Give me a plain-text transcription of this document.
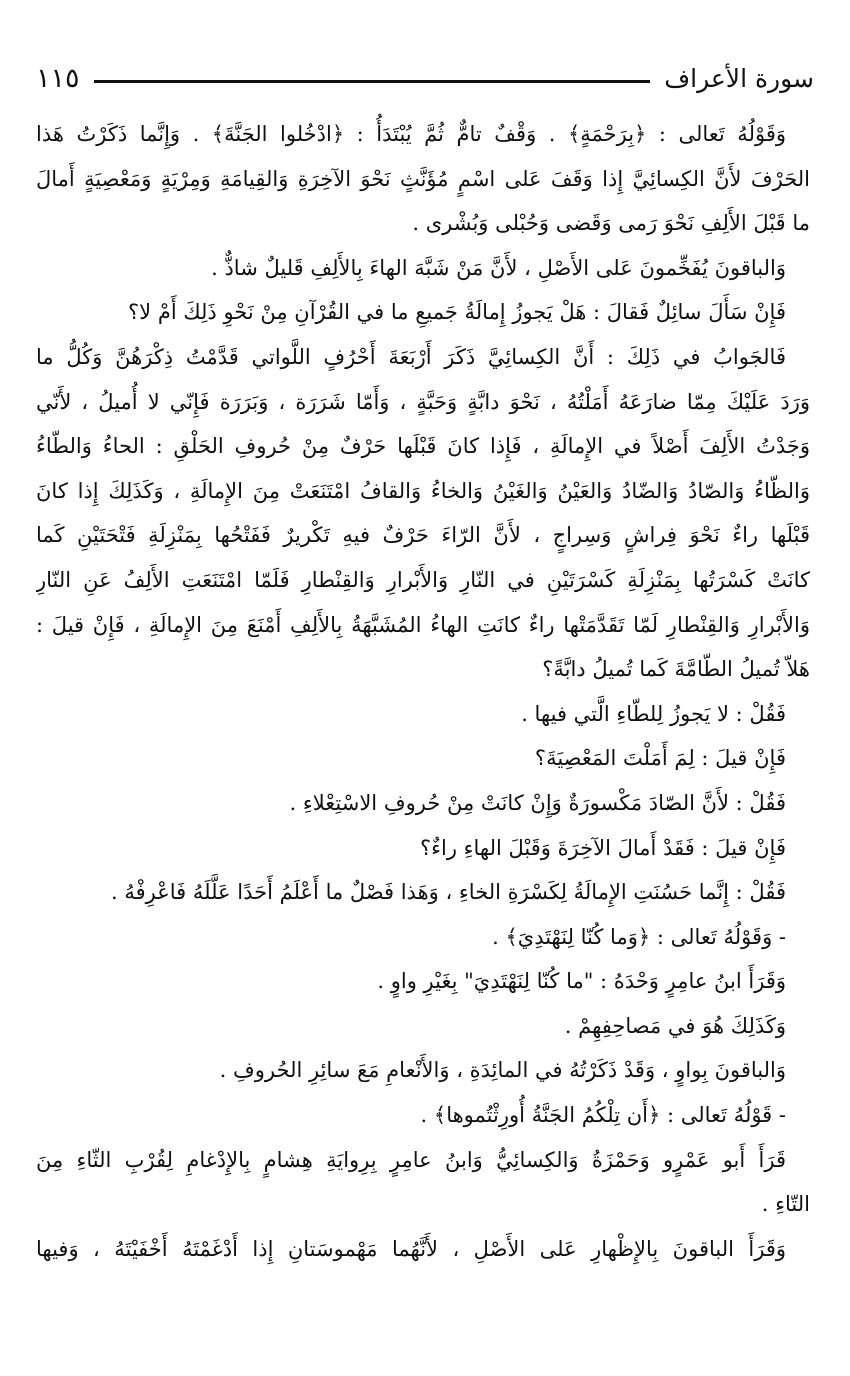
سورة الأعراف
١١٥
وَقَوْلُهُ تَعالى : ﴿بِرَحْمَةٍ﴾ . وَقْفٌ تامٌّ ثُمَّ يُبْتَدَأُ : ﴿ادْخُلوا الجَنَّةَ﴾ . وَإِنَّما ذَكَرْتُ هَذا
الحَرْفَ لأَنَّ الكِسائِيَّ إِذا وَقَفَ عَلى اسْمٍ مُؤَنَّثٍ نَحْوَ الآخِرَةِ وَالقِيامَةِ وَمِرْيَةٍ وَمَعْصِيَةٍ أَمالَ
ما قَبْلَ الأَلِفِ نَحْوَ رَمى وَقَضى وَحُبْلى وَبُشْرى .
وَالباقونَ يُفَخِّمونَ عَلى الأَصْلِ ، لأَنَّ مَنْ شَبَّهَ الهاءَ بِالأَلِفِ قَليلٌ شاذٌّ .
فَإِنْ سَأَلَ سائِلٌ فَقالَ : هَلْ يَجوزُ إِمالَةُ جَميعِ ما في القُرْآنِ مِنْ نَحْوِ ذَلِكَ أَمْ لا؟
فَالجَوابُ في ذَلِكَ : أَنَّ الكِسائِيَّ ذَكَرَ أَرْبَعَةَ أَحْرُفٍ اللَّواتي قَدَّمْتُ ذِكْرَهُنَّ وَكُلُّ ما
وَرَدَ عَلَيْكَ مِمّا ضارَعَهُ أَمَلْتُهُ ، نَحْوَ دابَّةٍ وَحَبَّةٍ ، وَأَمّا شَرَرَة ، وَبَرَرَة فَإِنّي لا أُميلُ ، لأَنّي
وَجَدْتُ الأَلِفَ أَصْلاً في الإِمالَةِ ، فَإِذا كانَ قَبْلَها حَرْفٌ مِنْ حُروفِ الحَلْقِ : الحاءُ وَالطّاءُ
وَالظّاءُ وَالصّادُ وَالضّادُ وَالعَيْنُ وَالغَيْنُ وَالخاءُ وَالقافُ امْتَنَعَتْ مِنَ الإِمالَةِ ، وَكَذَلِكَ إِذا كانَ
قَبْلَها راءٌ نَحْوَ فِراشٍ وَسِراجٍ ، لأَنَّ الرّاءَ حَرْفٌ فيهِ تَكْريرٌ فَفَتْحُها بِمَنْزِلَةِ فَتْحَتَيْنِ كَما
كانَتْ كَسْرَتُها بِمَنْزِلَةِ كَسْرَتَيْنِ في النّارِ وَالأَبْرارِ وَالقِنْطارِ فَلَمّا امْتَنَعَتِ الأَلِفُ عَنِ النّارِ
وَالأَبْرارِ وَالقِنْطارِ لَمّا تَقَدَّمَتْها راءٌ كانَتِ الهاءُ المُشَبَّهَةُ بِالأَلِفِ أَمْنَعَ مِنَ الإِمالَةِ ، فَإِنْ قيلَ :
هَلاّ تُميلُ الطّامَّةَ كَما تُميلُ دابَّةً؟
فَقُلْ : لا يَجوزُ لِلطّاءِ الَّتي فيها .
فَإِنْ قيلَ : لِمَ أَمَلْتَ المَعْصِيَةَ؟
فَقُلْ : لأَنَّ الصّادَ مَكْسورَةٌ وَإِنْ كانَتْ مِنْ حُروفِ الاسْتِعْلاءِ .
فَإِنْ قيلَ : فَقَدْ أَمالَ الآخِرَةَ وَقَبْلَ الهاءِ راءٌ؟
فَقُلْ : إِنَّما حَسُنَتِ الإِمالَةُ لِكَسْرَةِ الخاءِ ، وَهَذا فَصْلٌ ما أَعْلَمُ أَحَدًا عَلَّلَهُ فَاعْرِفْهُ .
- وَقَوْلُهُ تَعالى : ﴿وَما كُنّا لِنَهْتَدِيَ﴾ .
وَقَرَأَ ابنُ عامِرٍ وَحْدَهُ : "ما كُنّا لِنَهْتَدِيَ" بِغَيْرِ واوٍ .
وَكَذَلِكَ هُوَ في مَصاحِفِهِمْ .
وَالباقونَ بِواوٍ ، وَقَدْ ذَكَرْتُهُ في المائِدَةِ ، وَالأَنْعامِ مَعَ سائِرِ الحُروفِ .
- قَوْلُهُ تَعالى : ﴿أَن تِلْكُمُ الجَنَّةُ أُورِثْتُموها﴾ .
قَرَأَ أَبو عَمْرٍو وَحَمْزَةُ وَالكِسائِيُّ وَابنُ عامِرٍ بِرِوايَةِ هِشامٍ بِالإِدْغامِ لِقُرْبِ الثّاءِ مِنَ
التّاءِ .
وَقَرَأَ الباقونَ بِالإِظْهارِ عَلى الأَصْلِ ، لأَنَّهُما مَهْموسَتانِ إِذا أَدْغَمْتَهُ أَخْفَيْتَهُ ، وَفيها
